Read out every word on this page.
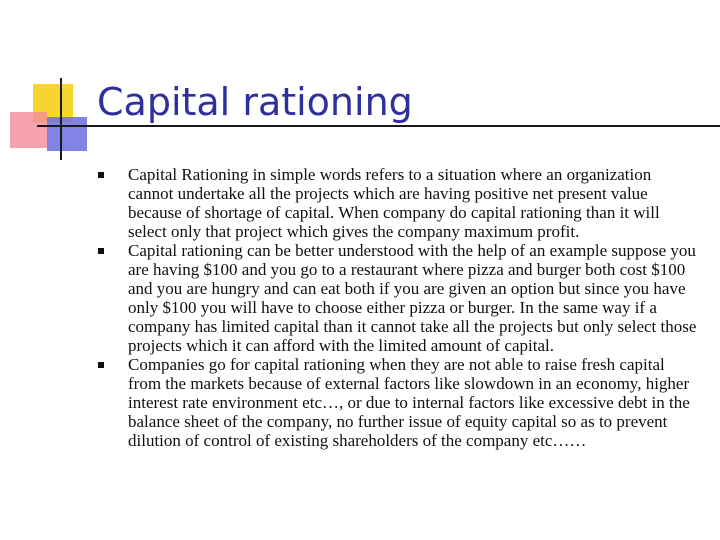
Capital rationing
Capital Rationing in simple words refers to a situation where an organization cannot undertake all the projects which are having positive net present value because of shortage of capital. When company do capital rationing than it will select only that project which gives the company maximum profit.
Capital rationing can be better understood with the help of an example suppose you are having $100 and you go to a restaurant where pizza and burger both cost $100 and you are hungry and can eat both if you are given an option but since you have only $100 you will have to choose either pizza or burger. In the same way if a company has limited capital than it cannot take all the projects but only select those projects which it can afford with the limited amount of capital.
Companies go for capital rationing when they are not able to raise fresh capital from the markets because of external factors like slowdown in an economy, higher interest rate environment etc…, or due to internal factors like excessive debt in the balance sheet of the company, no further issue of equity capital so as to prevent dilution of control of existing shareholders of the company etc……
